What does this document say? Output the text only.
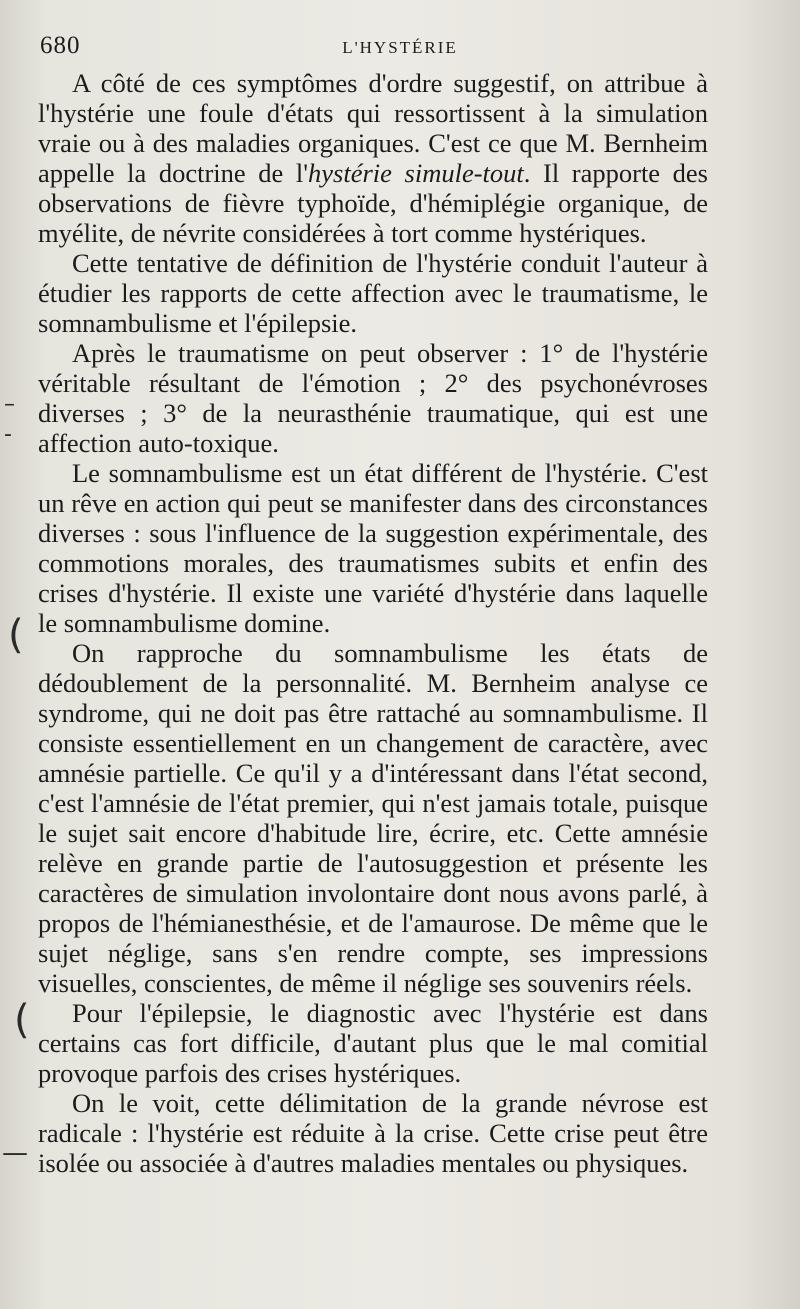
680	L'HYSTÉRIE

A côté de ces symptômes d'ordre suggestif, on attribue à l'hystérie une foule d'états qui ressortissent à la simulation vraie ou à des maladies organiques. C'est ce que M. Bernheim appelle la doctrine de l'hystérie simule-tout. Il rapporte des observations de fièvre typhoïde, d'hémiplégie organique, de myélite, de névrite considérées à tort comme hystériques.

Cette tentative de définition de l'hystérie conduit l'auteur à étudier les rapports de cette affection avec le traumatisme, le somnambulisme et l'épilepsie.

Après le traumatisme on peut observer : 1° de l'hystérie véritable résultant de l'émotion ; 2° des psychonévroses diverses ; 3° de la neurasthénie traumatique, qui est une affection auto-toxique.

Le somnambulisme est un état différent de l'hystérie. C'est un rêve en action qui peut se manifester dans des circonstances diverses : sous l'influence de la suggestion expérimentale, des commotions morales, des traumatismes subits et enfin des crises d'hystérie. Il existe une variété d'hystérie dans laquelle le somnambulisme domine.

On rapproche du somnambulisme les états de dédoublement de la personnalité. M. Bernheim analyse ce syndrome, qui ne doit pas être rattaché au somnambulisme. Il consiste essentiellement en un changement de caractère, avec amnésie partielle. Ce qu'il y a d'intéressant dans l'état second, c'est l'amnésie de l'état premier, qui n'est jamais totale, puisque le sujet sait encore d'habitude lire, écrire, etc. Cette amnésie relève en grande partie de l'autosuggestion et présente les caractères de simulation involontaire dont nous avons parlé, à propos de l'hémianesthésie, et de l'amaurose. De même que le sujet néglige, sans s'en rendre compte, ses impressions visuelles, conscientes, de même il néglige ses souvenirs réels.

Pour l'épilepsie, le diagnostic avec l'hystérie est dans certains cas fort difficile, d'autant plus que le mal comitial provoque parfois des crises hystériques.

On le voit, cette délimitation de la grande névrose est radicale : l'hystérie est réduite à la crise. Cette crise peut être isolée ou associée à d'autres maladies mentales ou physiques.

–
-
(
(
—
